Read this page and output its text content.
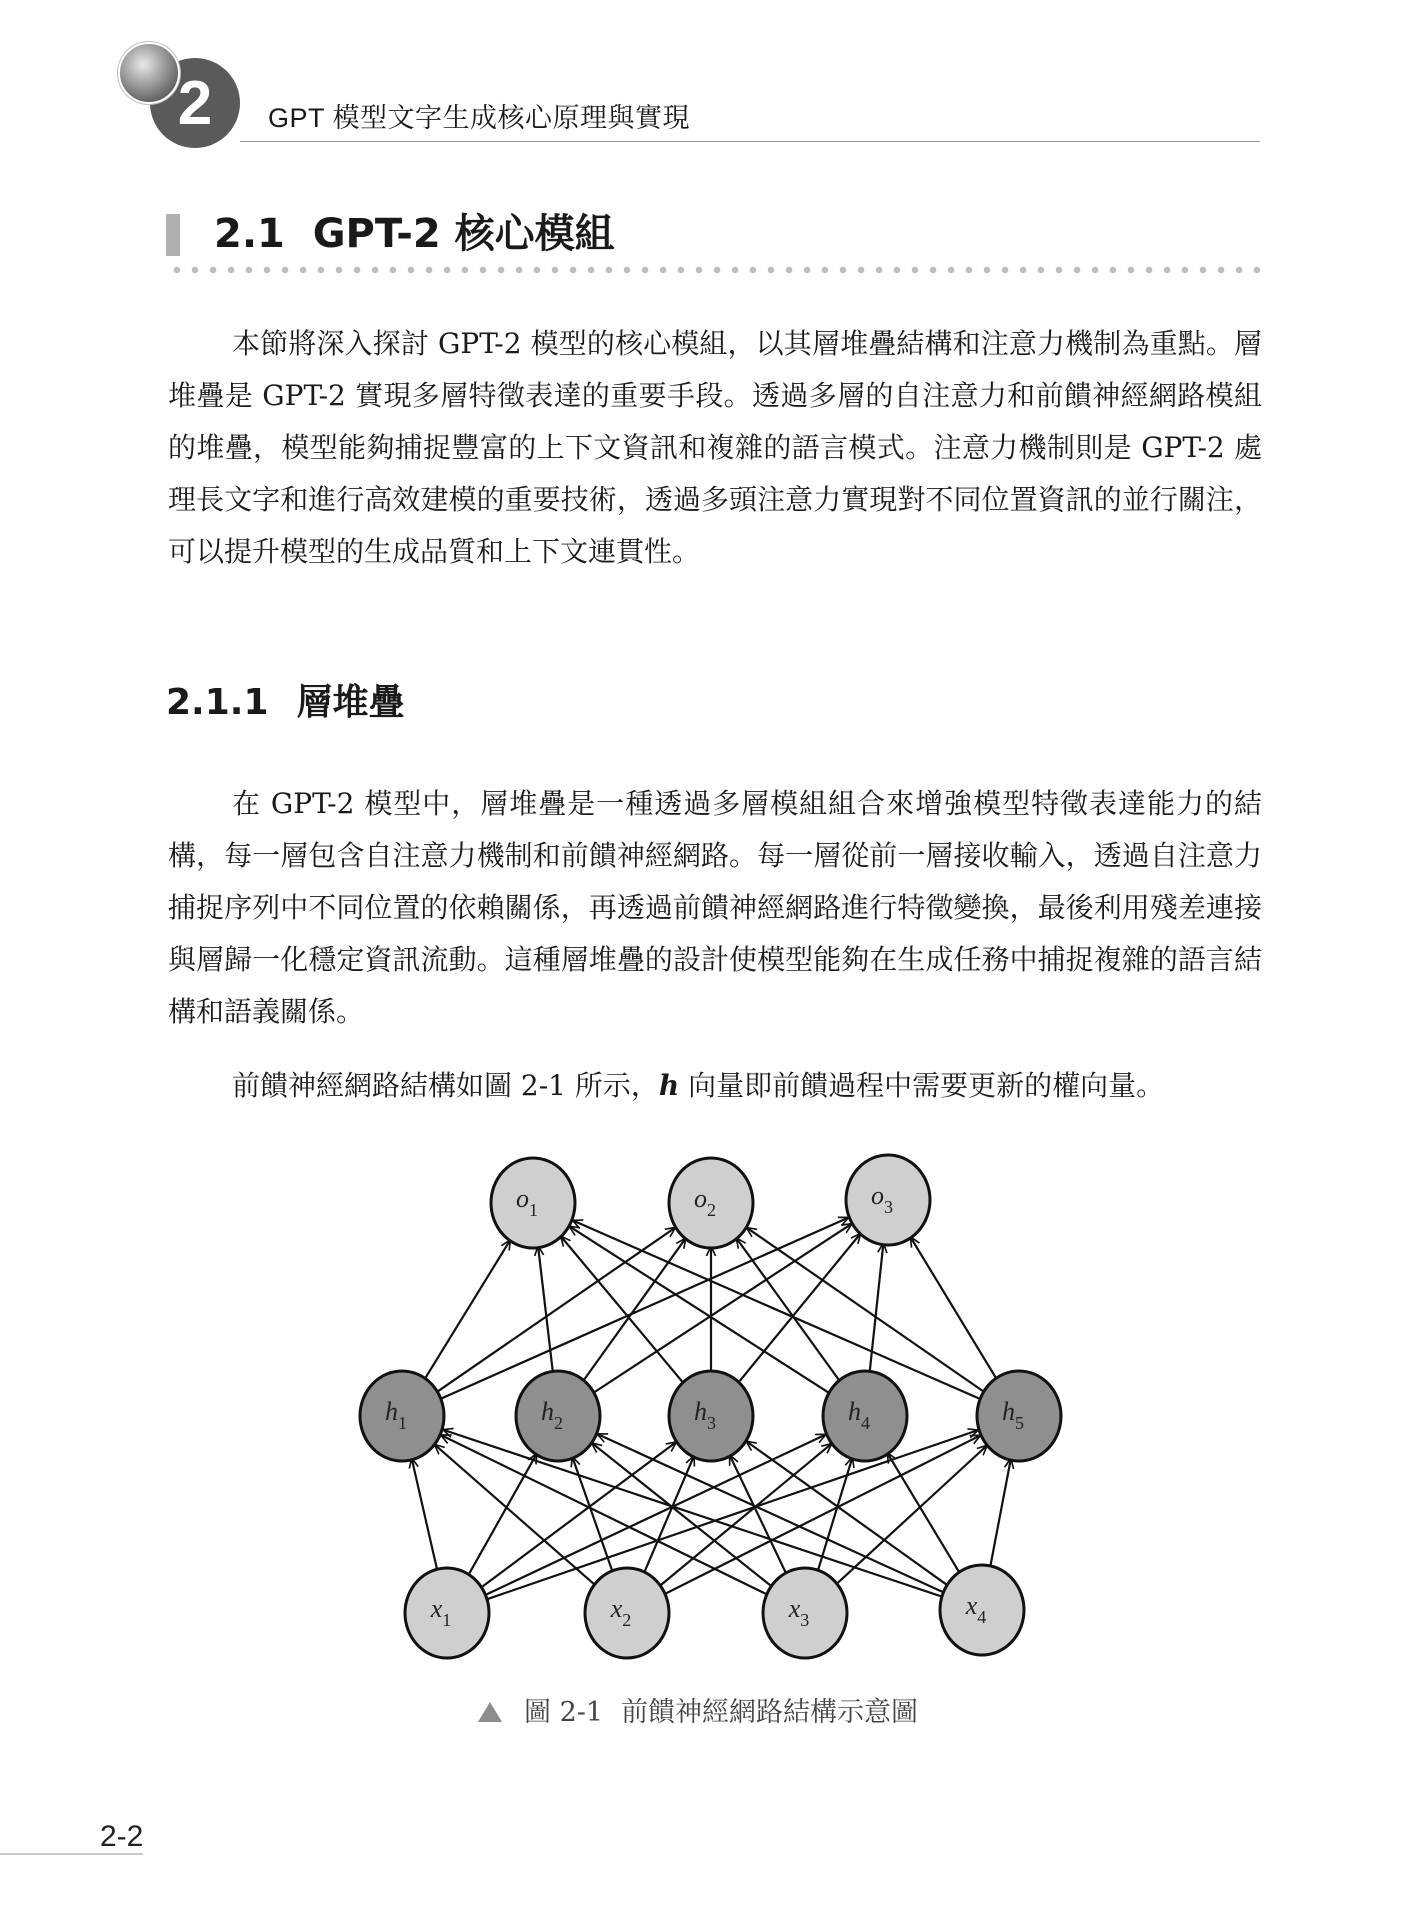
2 GPT 模型文字生成核心原理與實現
2.1  GPT-2 核心模組

本節將深入探討 GPT-2 模型的核心模組，以其層堆疊結構和注意力機制為重點。層堆疊是 GPT-2 實現多層特徵表達的重要手段。透過多層的自注意力和前饋神經網路模組的堆疊，模型能夠捕捉豐富的上下文資訊和複雜的語言模式。注意力機制則是 GPT-2 處理長文字和進行高效建模的重要技術，透過多頭注意力實現對不同位置資訊的並行關注，可以提升模型的生成品質和上下文連貫性。

2.1.1 層堆疊

在 GPT-2 模型中，層堆疊是一種透過多層模組組合來增強模型特徵表達能力的結構，每一層包含自注意力機制和前饋神經網路。每一層從前一層接收輸入，透過自注意力捕捉序列中不同位置的依賴關係，再透過前饋神經網路進行特徵變換，最後利用殘差連接與層歸一化穩定資訊流動。這種層堆疊的設計使模型能夠在生成任務中捕捉複雜的語言結構和語義關係。

前饋神經網路結構如圖 2-1 所示，h 向量即前饋過程中需要更新的權向量。

$o_1$	$o_2$	$o_3$
$h_1$	$h_2$	$h_3$	$h_4$	$h_5$
$x_1$	$x_2$	$x_3$	$x_4$
圖 2-1 前饋神經網路結構示意圖
2-2
